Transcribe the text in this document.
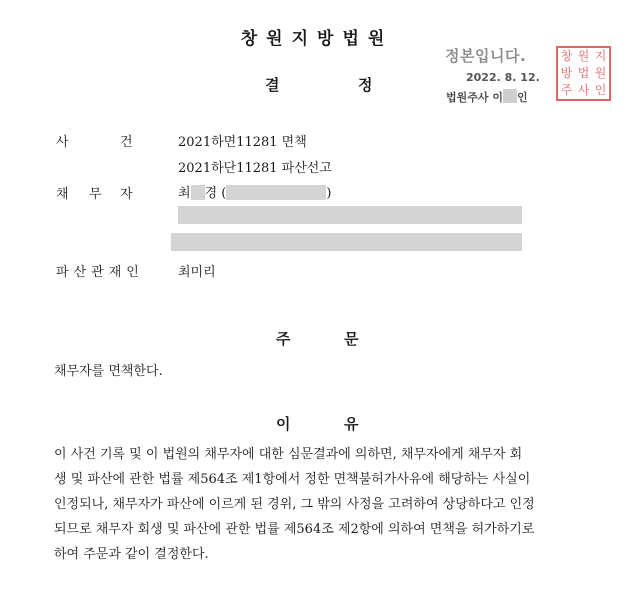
창원지방법원
결	정
정본입니다.
2022. 8. 12.
법원주사 이 인
창 원 지
방 법 원
주 사 인
사	건	2021하면11281 면책
2021하단11281 파산선고
채 무 자	최 경 (	)
파 산 관 재 인	최미리
주	문
채무자를 면책한다.
이	유
이 사건 기록 및 이 법원의 채무자에 대한 심문결과에 의하면, 채무자에게 채무자 회
생 및 파산에 관한 법률 제564조 제1항에서 정한 면책불허가사유에 해당하는 사실이
인정되나, 채무자가 파산에 이르게 된 경위, 그 밖의 사정을 고려하여 상당하다고 인정
되므로 채무자 회생 및 파산에 관한 법률 제564조 제2항에 의하여 면책을 허가하기로
하여 주문과 같이 결정한다.
